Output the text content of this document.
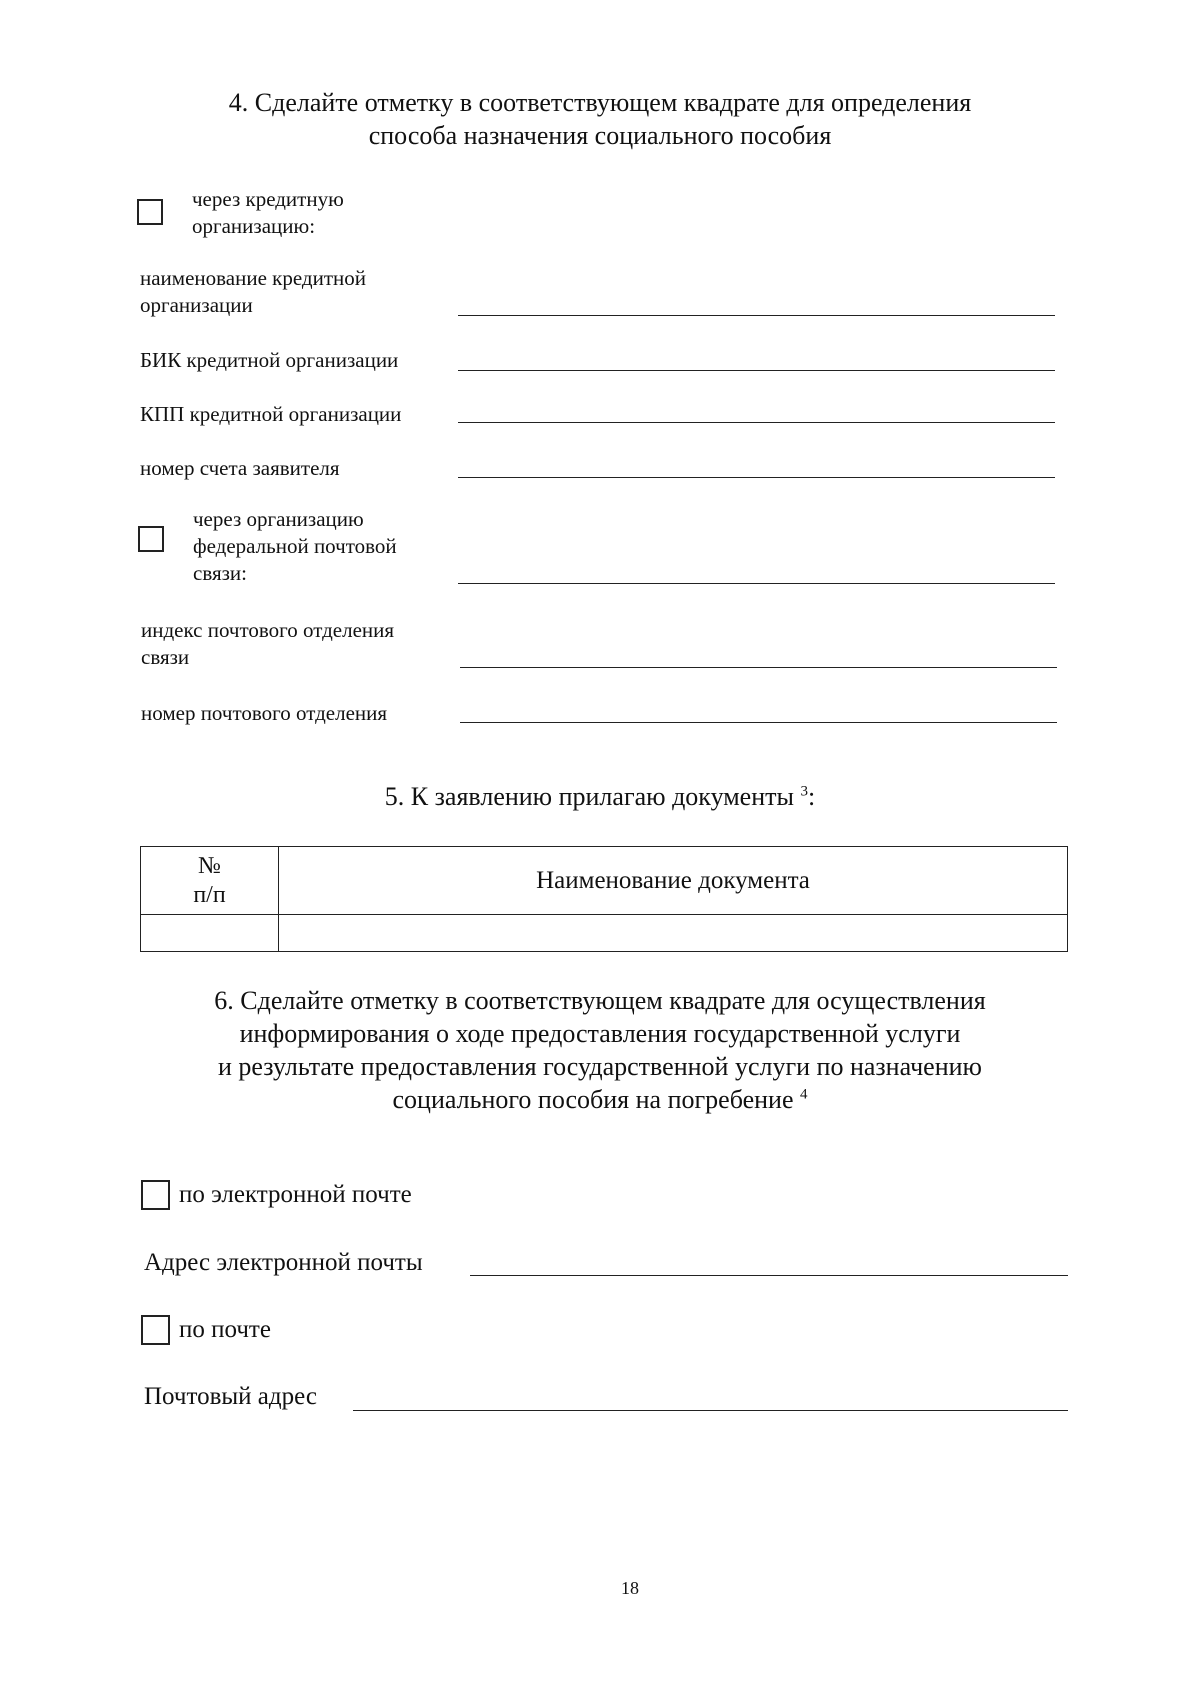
4. Сделайте отметку в соответствующем квадрате для определения
способа назначения социального пособия
через кредитную
организацию:
наименование кредитной
организации
БИК кредитной организации
КПП кредитной организации
номер счета заявителя
через организацию
федеральной почтовой
связи:
индекс почтового отделения
связи
номер почтового отделения
5. К заявлению прилагаю документы $^3$:
№
п/п	Наименование документа

6. Сделайте отметку в соответствующем квадрате для осуществления
информирования о ходе предоставления государственной услуги
и результате предоставления государственной услуги по назначению
социального пособия на погребение $^4$
по электронной почте
Адрес электронной почты
по почте
Почтовый адрес
18
